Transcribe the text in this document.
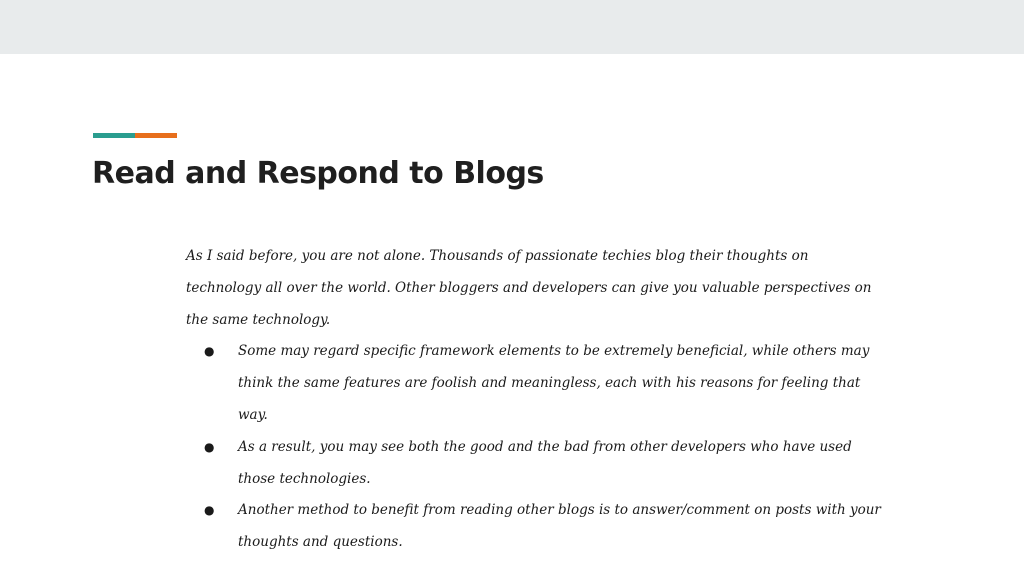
Read and Respond to Blogs

As I said before, you are not alone. Thousands of passionate techies blog their thoughts on technology all over the world. Other bloggers and developers can give you valuable perspectives on the same technology.

● Some may regard specific framework elements to be extremely beneficial, while others may think the same features are foolish and meaningless, each with his reasons for feeling that way.
● As a result, you may see both the good and the bad from other developers who have used those technologies.
● Another method to benefit from reading other blogs is to answer/comment on posts with your thoughts and questions.
